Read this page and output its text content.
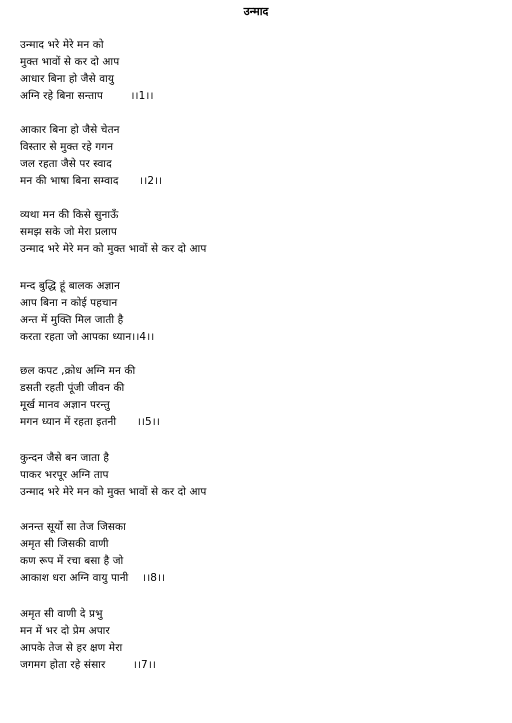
उन्माद
उन्माद भरे मेरे मन को
मुक्त भावों से कर दो आप
आधार बिना हो जैसे वायु
अग्नि रहे बिना सन्ताप        ।।1।।
आकार बिना हो जैसे चेतन
विस्तार से मुक्त रहे गगन
जल रहता जैसे पर स्वाद
मन की भाषा बिना सम्वाद      ।।2।।
व्यथा मन की किसे सुनाऊँ
समझ सके जो मेरा प्रलाप
उन्माद भरे मेरे मन को मुक्त भावों से कर दो आप
मन्द बुद्धि हूं बालक अज्ञान
आप बिना न कोई पहचान
अन्त में मुक्ति मिल जाती है
करता रहता जो आपका ध्यान।।4।।
छल कपट ,क्रोध अग्नि मन की
डसती रहती पूंजी जीवन की
मूर्ख मानव अज्ञान परन्तु
मगन ध्यान में रहता इतनी      ।।5।।
कुन्दन जैसे बन जाता है
पाकर भरपूर अग्नि ताप
उन्माद भरे मेरे मन को मुक्त भावों से कर दो आप
अनन्त सूर्यो सा तेज जिसका
अमृत सी जिसकी वाणी
कण रूप में रचा बसा है जो
आकाश धरा अग्नि वायु पानी    ।।8।।
अमृत सी वाणी दे प्रभु
मन में भर दो प्रेम अपार
आपके तेज से हर क्षण मेरा
जगमग होता रहे संसार        ।।7।।
